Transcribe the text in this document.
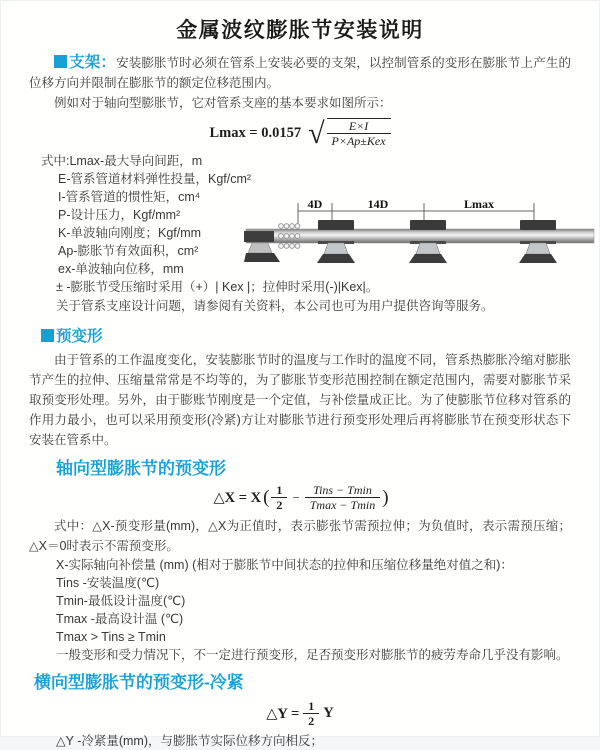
金属波纹膨胀节安装说明

支架：安装膨胀节时必须在管系上安装必要的支架，以控制管系的变形在膨胀节上产生的位移方向并限制在膨胀节的额定位移范围内。

例如对于轴向型膨胀节，它对管系支座的基本要求如图所示：

Lmax = 0.0157 √ $\frac{E\times I}{\text{P×Ap±Kex}}$
式中:Lmax-最大导向间距，m
E-管系管道材料弹性投量，Kgf/cm²
I-管系管道的惯性矩，cm⁴
P-设计压力，Kgf/mm²
K-单波轴向刚度；Kgf/mm
Ap-膨胀节有效面积，cm²
ex-单波轴向位移，mm
± -膨胀节受压缩时采用（+）| Kex |；拉伸时采用(-)|Kex|。
关于管系支座设计问题，请参阅有关资料，本公司也可为用户提供咨询等服务。
预变形

由于管系的工作温度变化，安装膨胀节时的温度与工作时的温度不同，管系热膨胀冷缩对膨胀节产生的拉伸、压缩量常常是不均等的，为了膨胀节变形范围控制在额定范围内，需要对膨胀节采取预变形处理。另外，由于膨账节刚度是一个定值，与补偿量成正比。为了使膨胀节位移对管系的作用力最小，也可以采用预变形(冷紧)方让对膨胀节进行预变形处理后再将膨胀节在预变形状态下安装在管系中。

轴向型膨胀节的预变形
△X = X ( $\frac{1}{2} - \frac{\text{Tins − Tmin}}{Tmax - Tmin}$ )

式中：△X-预变形量(mm)，△X为正值时，表示膨张节需预拉伸；为负值时，表示需预压缩；△X＝0时表示不需预变形。

X-实际轴向补偿量 (mm) (相对于膨胀节中间状态的拉伸和压缩位移量绝对值之和)：
Tins -安装温度(℃)
Tmin-最低设计温度(℃)
Tmax -最高设计温 (℃)
Tmax > Tins ≥ Tmin
一般变形和受力情况下，不一定进行预变形，足否预变形对膨胀节的疲劳寿命几乎没有影响。
横向型膨胀节的预变形-冷紧
△Y = $\frac{1}{2}$ Y
△Y -冷紧量(mm)，与膨胀节实际位移方向相反；
4D	14D	Lmax
